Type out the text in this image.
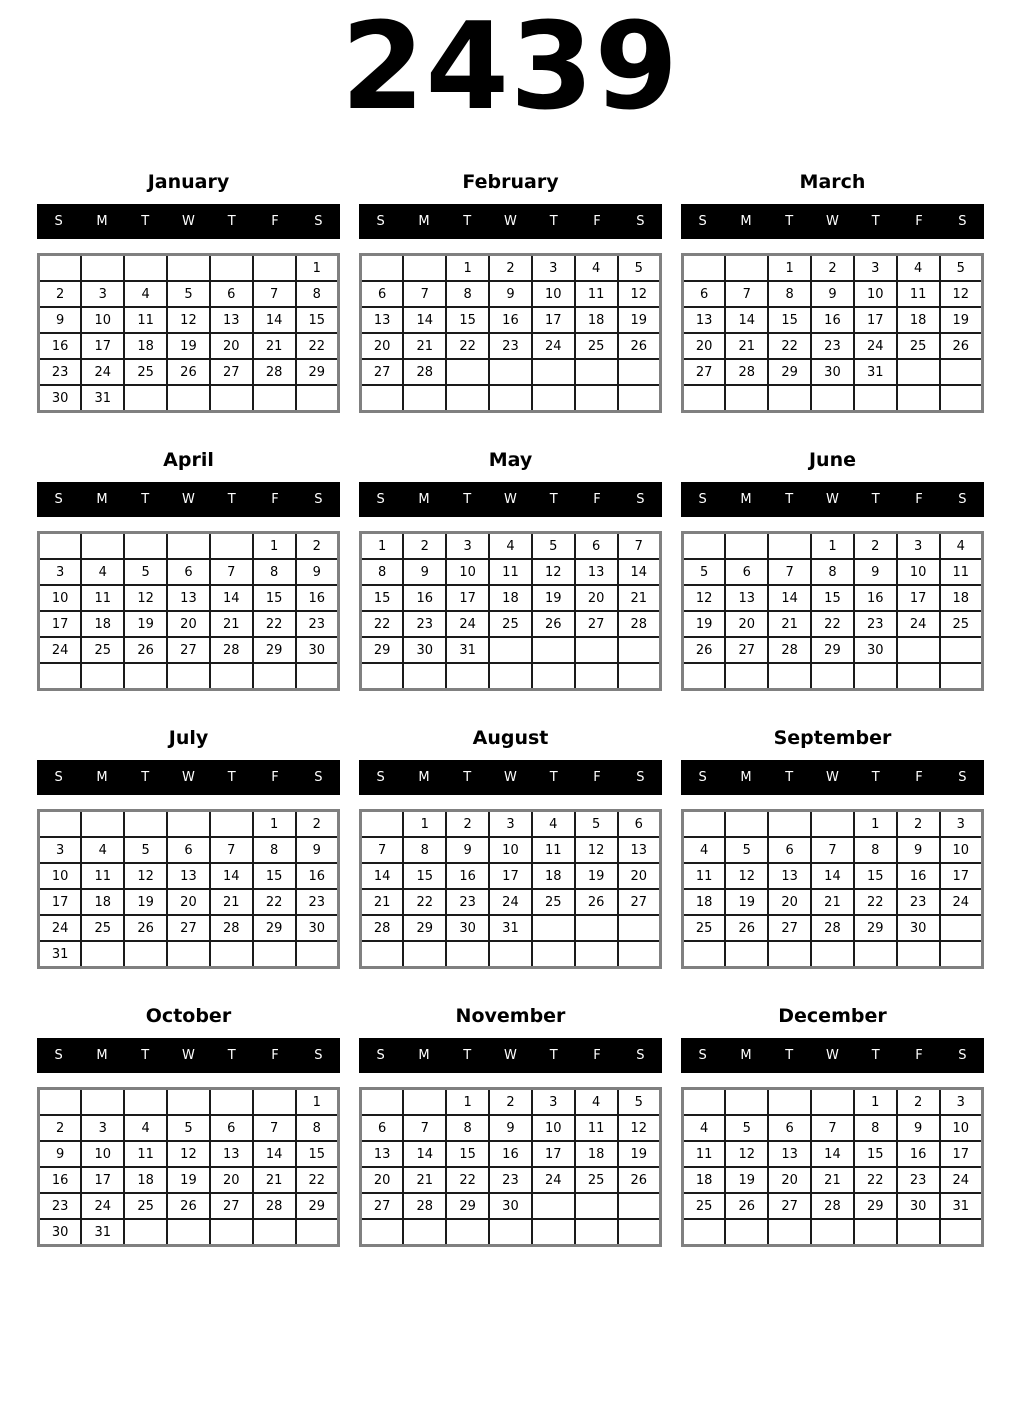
2439
January
S	M	T	W	T	F	S
						1
2	3	4	5	6	7	8
9	10	11	12	13	14	15
16	17	18	19	20	21	22
23	24	25	26	27	28	29
30	31					
February
S	M	T	W	T	F	S
		1	2	3	4	5
6	7	8	9	10	11	12
13	14	15	16	17	18	19
20	21	22	23	24	25	26
27	28					

March
S	M	T	W	T	F	S
		1	2	3	4	5
6	7	8	9	10	11	12
13	14	15	16	17	18	19
20	21	22	23	24	25	26
27	28	29	30	31		

April
S	M	T	W	T	F	S
					1	2
3	4	5	6	7	8	9
10	11	12	13	14	15	16
17	18	19	20	21	22	23
24	25	26	27	28	29	30

May
S	M	T	W	T	F	S
1	2	3	4	5	6	7
8	9	10	11	12	13	14
15	16	17	18	19	20	21
22	23	24	25	26	27	28
29	30	31				

June
S	M	T	W	T	F	S
			1	2	3	4
5	6	7	8	9	10	11
12	13	14	15	16	17	18
19	20	21	22	23	24	25
26	27	28	29	30		

July
S	M	T	W	T	F	S
					1	2
3	4	5	6	7	8	9
10	11	12	13	14	15	16
17	18	19	20	21	22	23
24	25	26	27	28	29	30
31						
August
S	M	T	W	T	F	S
	1	2	3	4	5	6
7	8	9	10	11	12	13
14	15	16	17	18	19	20
21	22	23	24	25	26	27
28	29	30	31			

September
S	M	T	W	T	F	S
				1	2	3
4	5	6	7	8	9	10
11	12	13	14	15	16	17
18	19	20	21	22	23	24
25	26	27	28	29	30	

October
S	M	T	W	T	F	S
						1
2	3	4	5	6	7	8
9	10	11	12	13	14	15
16	17	18	19	20	21	22
23	24	25	26	27	28	29
30	31					
November
S	M	T	W	T	F	S
		1	2	3	4	5
6	7	8	9	10	11	12
13	14	15	16	17	18	19
20	21	22	23	24	25	26
27	28	29	30			

December
S	M	T	W	T	F	S
				1	2	3
4	5	6	7	8	9	10
11	12	13	14	15	16	17
18	19	20	21	22	23	24
25	26	27	28	29	30	31
